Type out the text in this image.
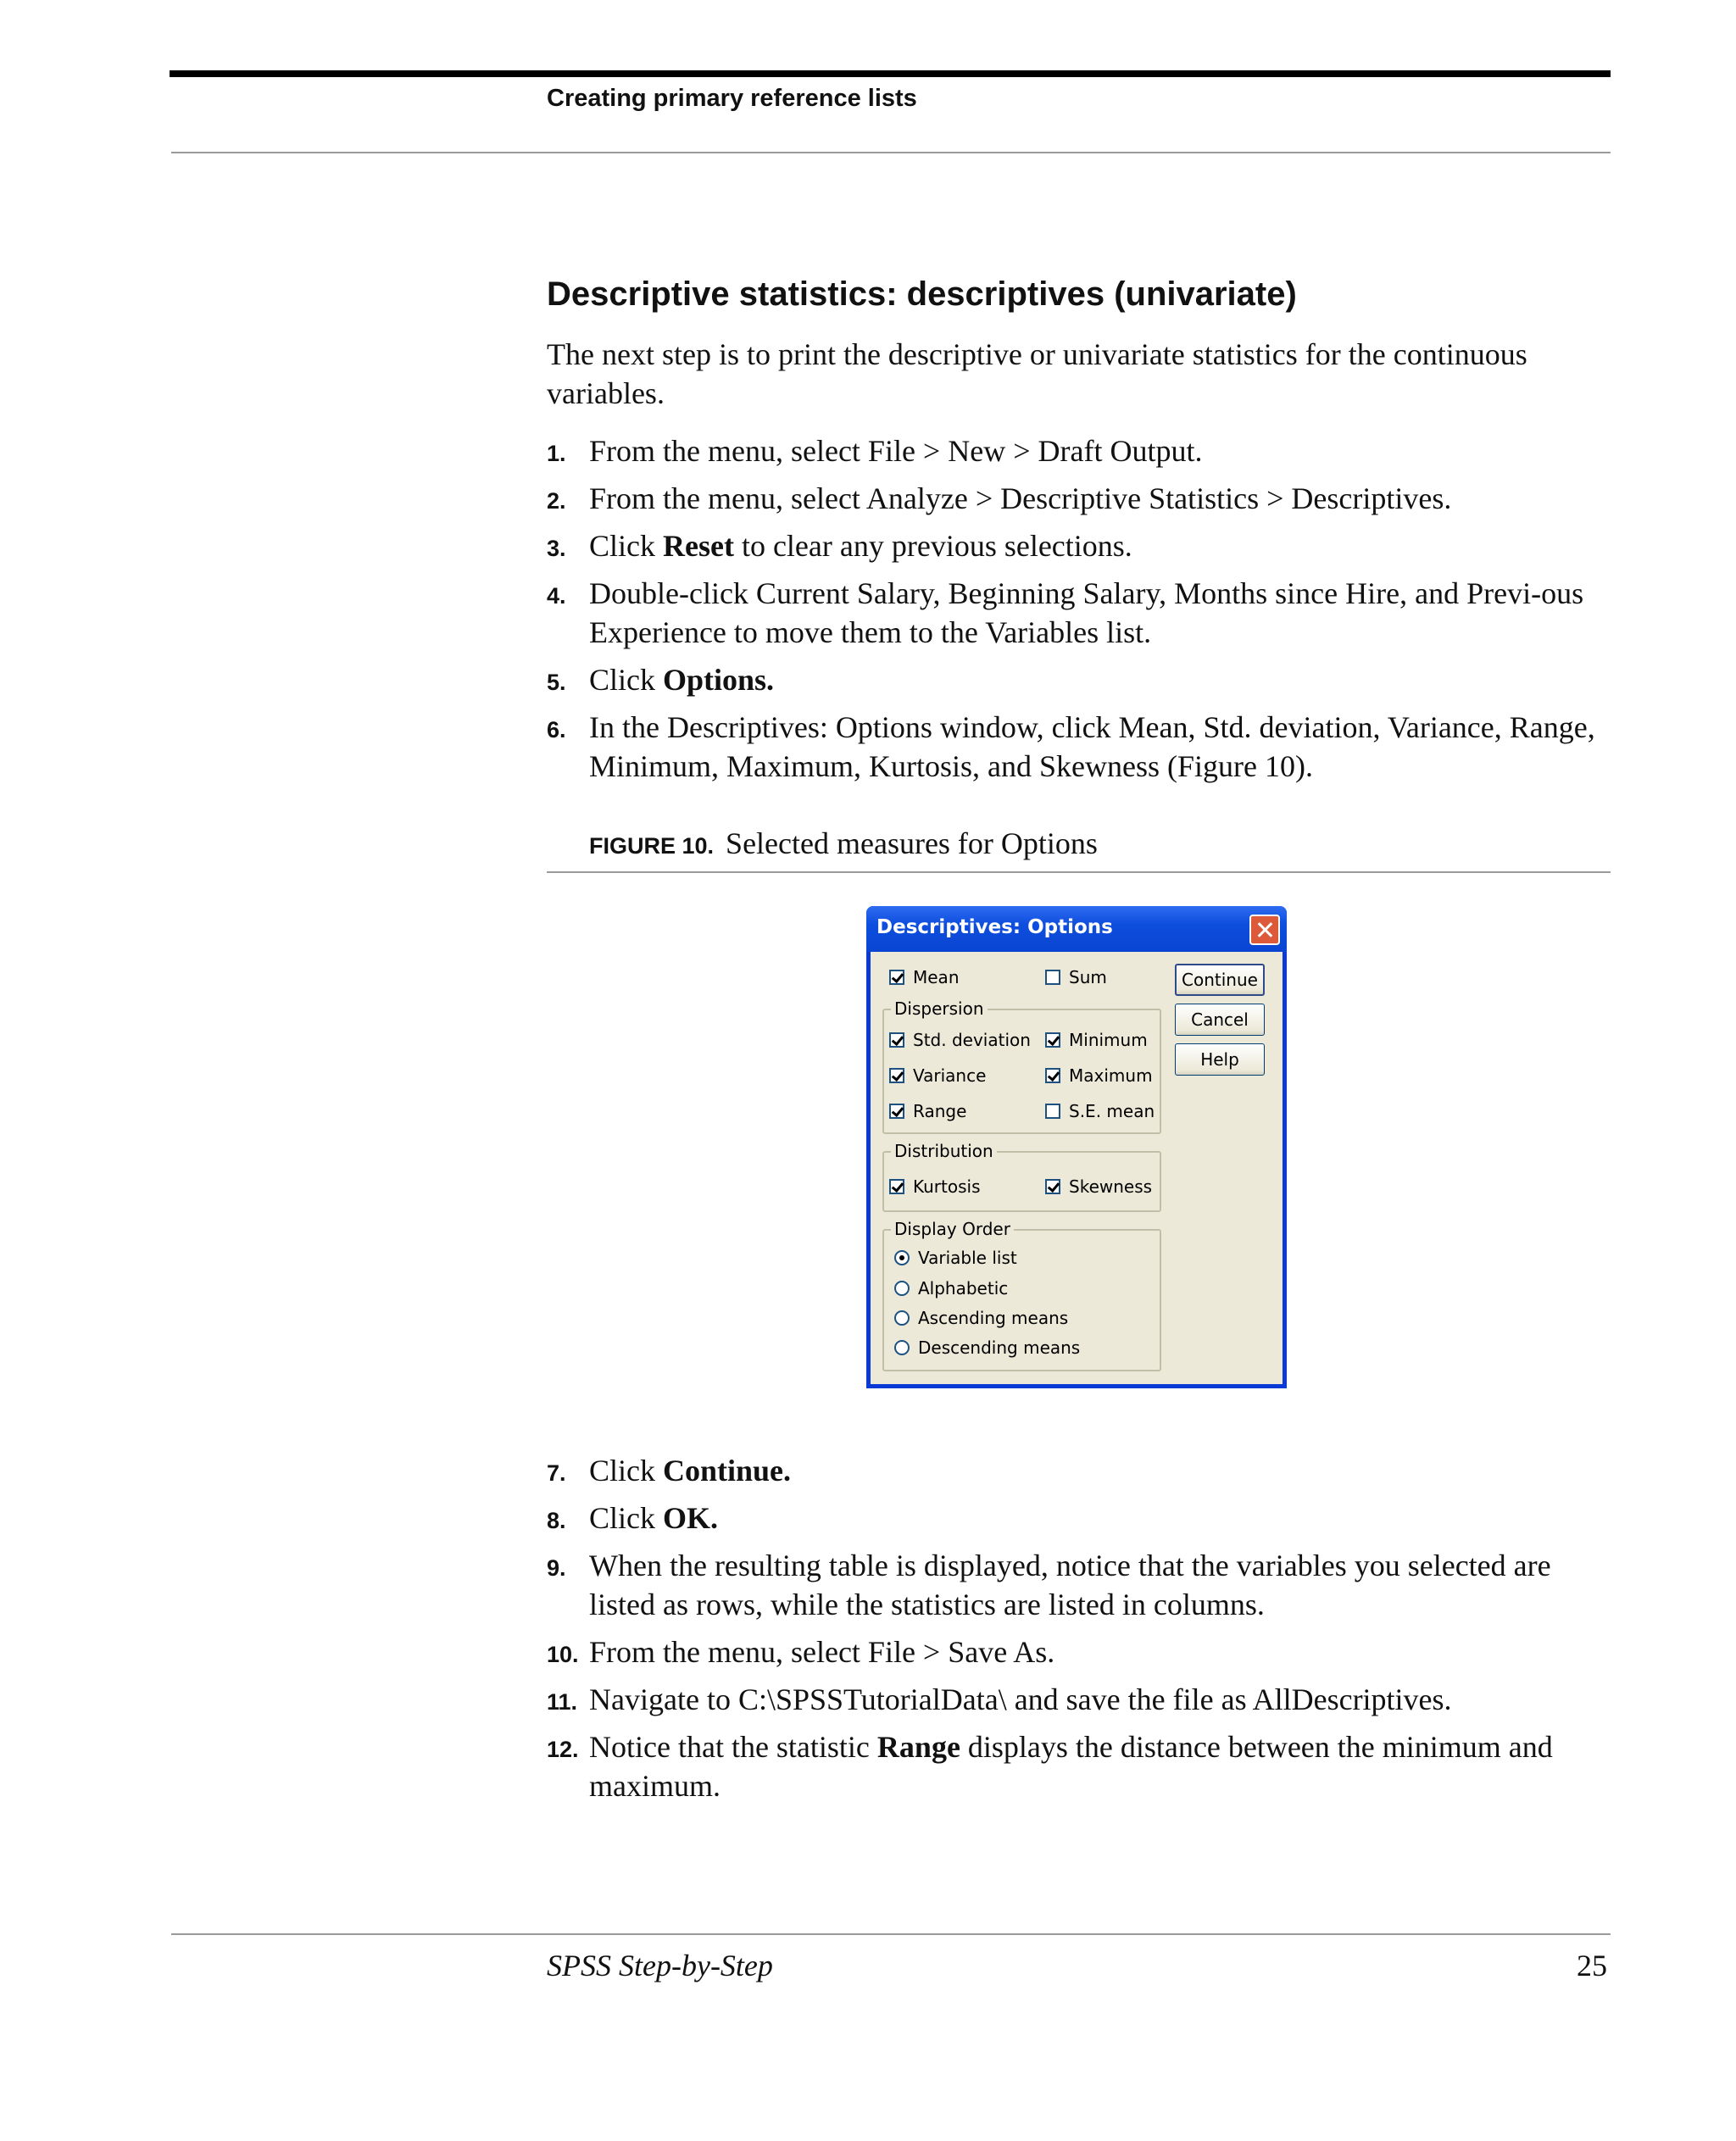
Creating primary reference lists
Descriptive statistics: descriptives (univariate)

The next step is to print the descriptive or univariate statistics for the continuous variables.

1. From the menu, select File > New > Draft Output.
2. From the menu, select Analyze > Descriptive Statistics > Descriptives.
3. Click Reset to clear any previous selections.
4. Double-click Current Salary, Beginning Salary, Months since Hire, and Previ-ous Experience to move them to the Variables list.
5. Click Options.
6. In the Descriptives: Options window, click Mean, Std. deviation, Variance, Range, Minimum, Maximum, Kurtosis, and Skewness (Figure 10).
FIGURE 10. Selected measures for Options
Descriptives: Options
Mean	Sum
Dispersion
Std. deviation Minimum
Variance	Maximum
Range	S.E. mean
Distribution
Kurtosis	Skewness
Display Order
Variable list
Alphabetic
Ascending means
Descending means
Continue
Cancel
Help
7. Click Continue.
8. Click OK.
9. When the resulting table is displayed, notice that the variables you selected are listed as rows, while the statistics are listed in columns.
10. From the menu, select File > Save As.
11. Navigate to C:\SPSSTutorialData\ and save the file as AllDescriptives.
12. Notice that the statistic Range displays the distance between the minimum and maximum.
SPSS Step-by-Step	25
